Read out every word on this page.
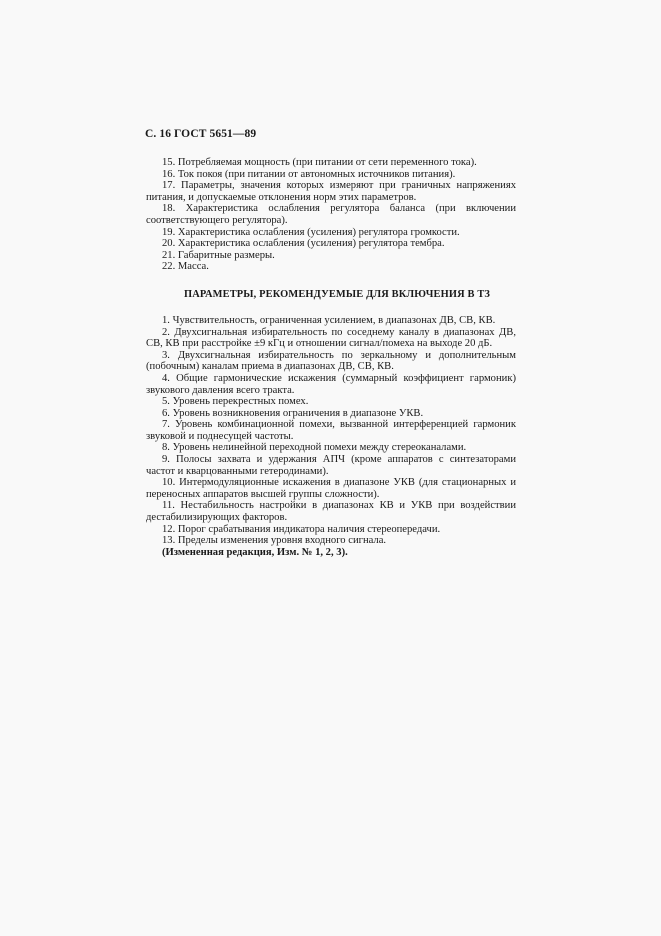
С. 16 ГОСТ 5651—89

15. Потребляемая мощность (при питании от сети переменного тока).

16. Ток покоя (при питании от автономных источников питания).

17. Параметры, значения которых измеряют при граничных напряжениях питания, и допускаемые отклонения норм этих параметров.

18. Характеристика ослабления регулятора баланса (при включении соответствующего регулятора).

19. Характеристика ослабления (усиления) регулятора громкости.

20. Характеристика ослабления (усиления) регулятора тембра.

21. Габаритные размеры.

22. Масса.

ПАРАМЕТРЫ, РЕКОМЕНДУЕМЫЕ ДЛЯ ВКЛЮЧЕНИЯ В ТЗ

1. Чувствительность, ограниченная усилением, в диапазонах ДВ, СВ, КВ.

2. Двухсигнальная избирательность по соседнему каналу в диапазонах ДВ, СВ, КВ при расстройке ±9 кГц и отношении сигнал/помеха на выходе 20 дБ.

3. Двухсигнальная избирательность по зеркальному и дополнительным (побочным) каналам приема в диапазонах ДВ, СВ, КВ.

4. Общие гармонические искажения (суммарный коэффициент гармоник) звукового давления всего тракта.

5. Уровень перекрестных помех.

6. Уровень возникновения ограничения в диапазоне УКВ.

7. Уровень комбинационной помехи, вызванной интерференцией гармоник звуковой и поднесущей частоты.

8. Уровень нелинейной переходной помехи между стереоканалами.

9. Полосы захвата и удержания АПЧ (кроме аппаратов с синтезаторами частот и кварцованными гетеродинами).

10. Интермодуляционные искажения в диапазоне УКВ (для стационарных и переносных аппаратов высшей группы сложности).

11. Нестабильность настройки в диапазонах КВ и УКВ при воздействии дестабилизирующих факторов.

12. Порог срабатывания индикатора наличия стереопередачи.

13. Пределы изменения уровня входного сигнала.

(Измененная редакция, Изм. № 1, 2, 3).
